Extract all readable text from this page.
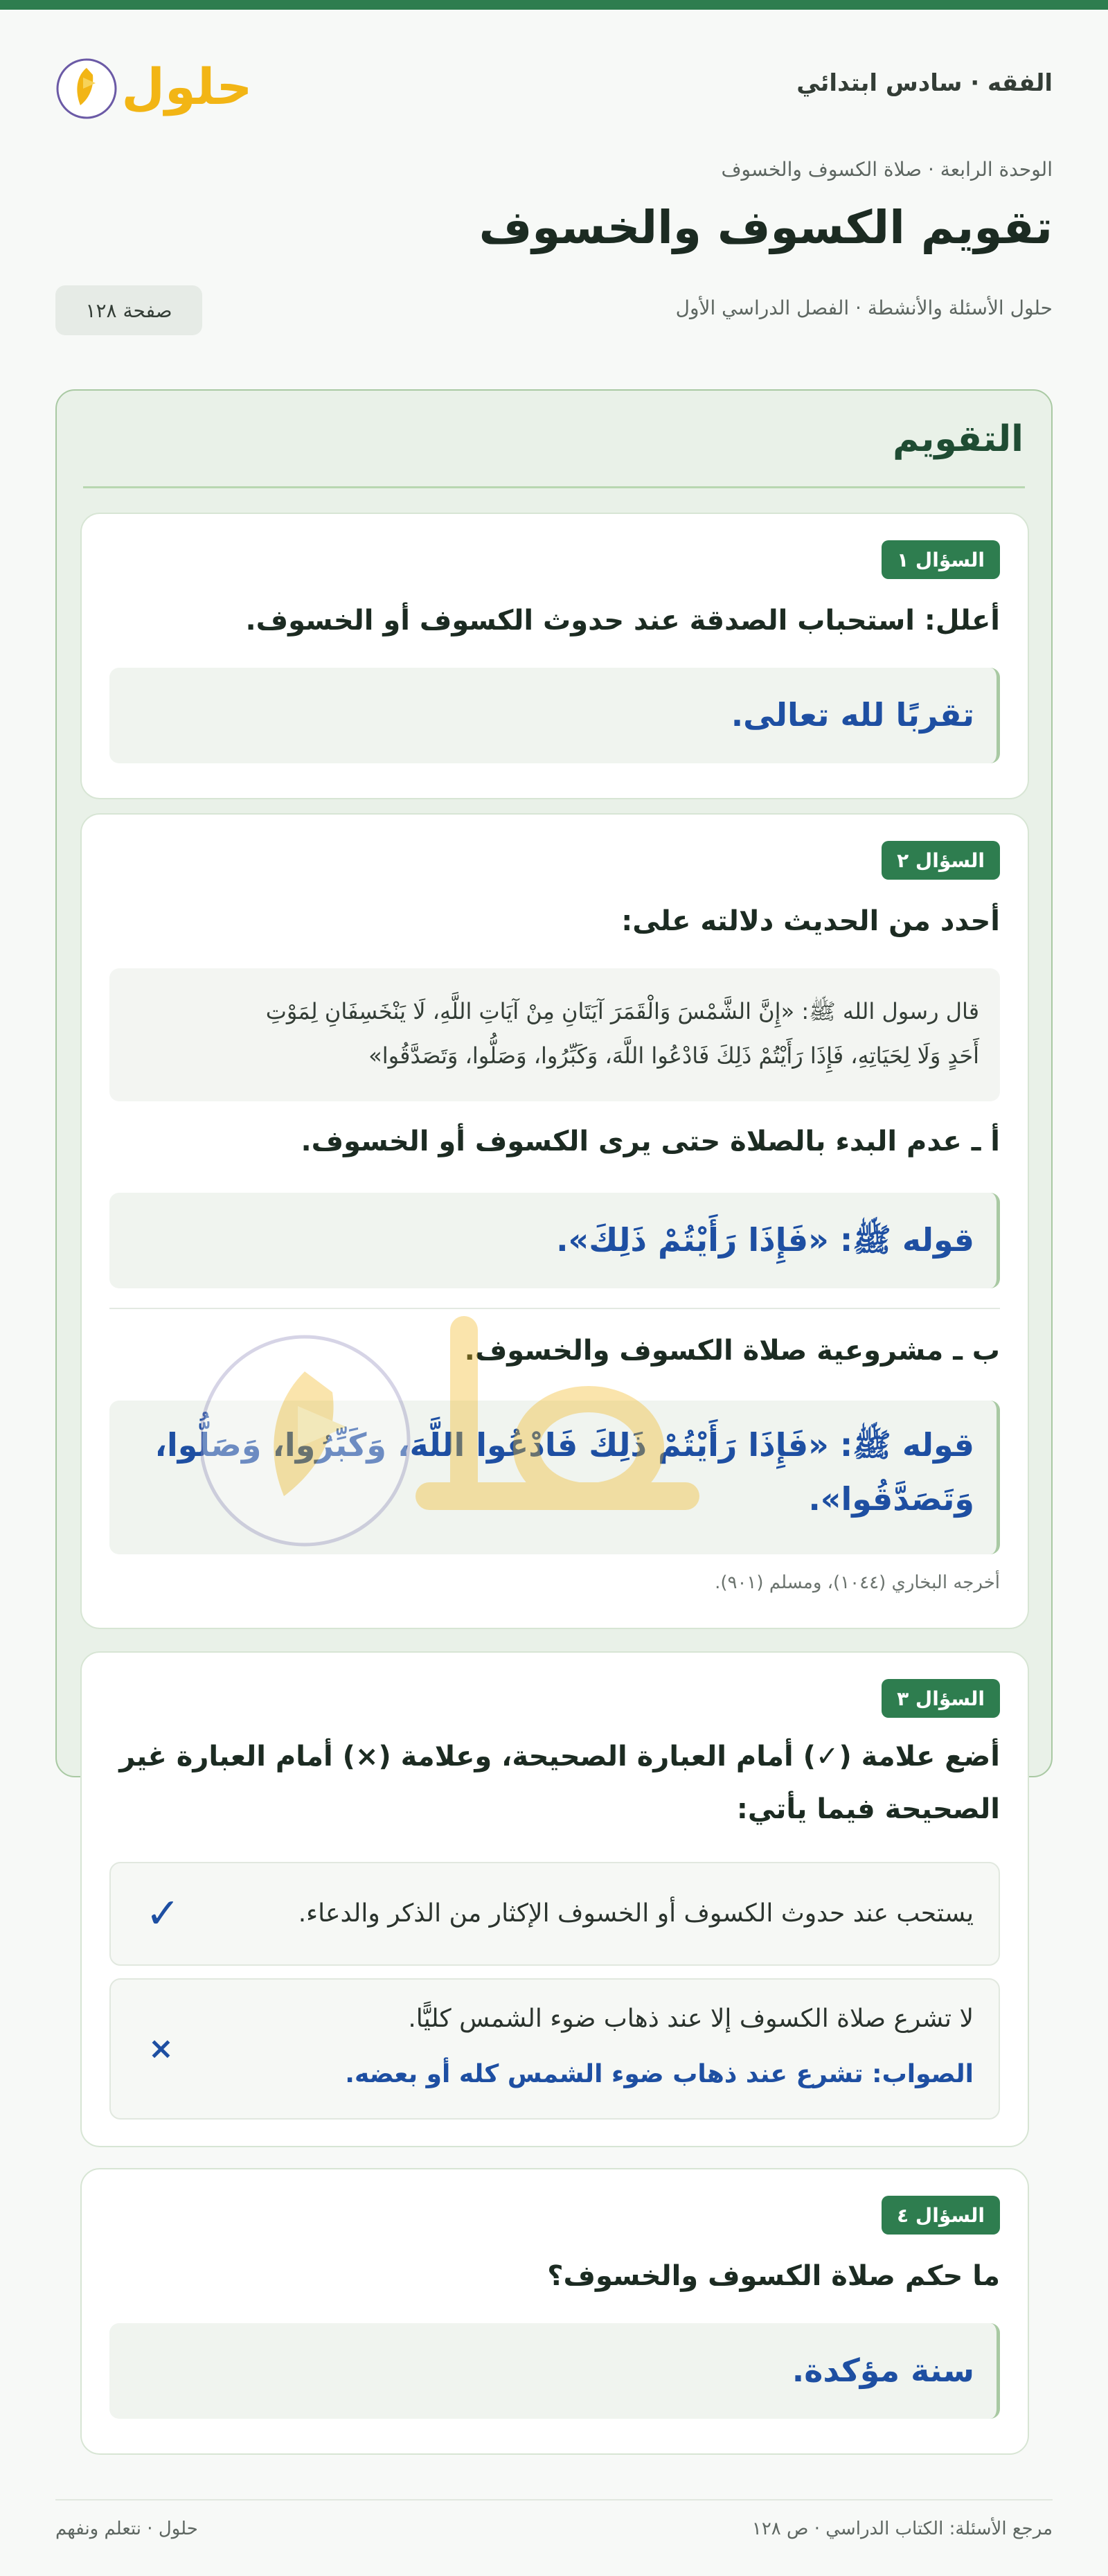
الفقه · سادس ابتدائي
حلول
الوحدة الرابعة · صلاة الكسوف والخسوف
تقويم الكسوف والخسوف
حلول الأسئلة والأنشطة · الفصل الدراسي الأول
صفحة ١٢٨
التقويم
السؤال ١
أعلل: استحباب الصدقة عند حدوث الكسوف أو الخسوف.
تقربًا لله تعالى.
السؤال ٢
أحدد من الحديث دلالته على:
قال رسول الله ﷺ: «إِنَّ الشَّمْسَ وَالْقَمَرَ آيَتَانِ مِنْ آيَاتِ اللَّهِ، لَا يَنْخَسِفَانِ لِمَوْتِ
أَحَدٍ وَلَا لِحَيَاتِهِ، فَإِذَا رَأَيْتُمْ ذَلِكَ فَادْعُوا اللَّهَ، وَكَبِّرُوا، وَصَلُّوا، وَتَصَدَّقُوا»
أ ـ عدم البدء بالصلاة حتى يرى الكسوف أو الخسوف.
قوله ﷺ: «فَإِذَا رَأَيْتُمْ ذَلِكَ».
ب ـ مشروعية صلاة الكسوف والخسوف.
قوله ﷺ: «فَإِذَا رَأَيْتُمْ ذَلِكَ فَادْعُوا اللَّهَ، وَكَبِّرُوا، وَصَلُّوا،
وَتَصَدَّقُوا».
أخرجه البخاري (١٠٤٤)، ومسلم (٩٠١).
السؤال ٣
أضع علامة (✓) أمام العبارة الصحيحة، وعلامة (×) أمام العبارة غير
الصحيحة فيما يأتي:
يستحب عند حدوث الكسوف أو الخسوف الإكثار من الذكر والدعاء.
✓
لا تشرع صلاة الكسوف إلا عند ذهاب ضوء الشمس كليًّا.
الصواب: تشرع عند ذهاب ضوء الشمس كله أو بعضه.
×
السؤال ٤
ما حكم صلاة الكسوف والخسوف؟
سنة مؤكدة.
مرجع الأسئلة: الكتاب الدراسي · ص ١٢٨
حلول · نتعلم ونفهم
